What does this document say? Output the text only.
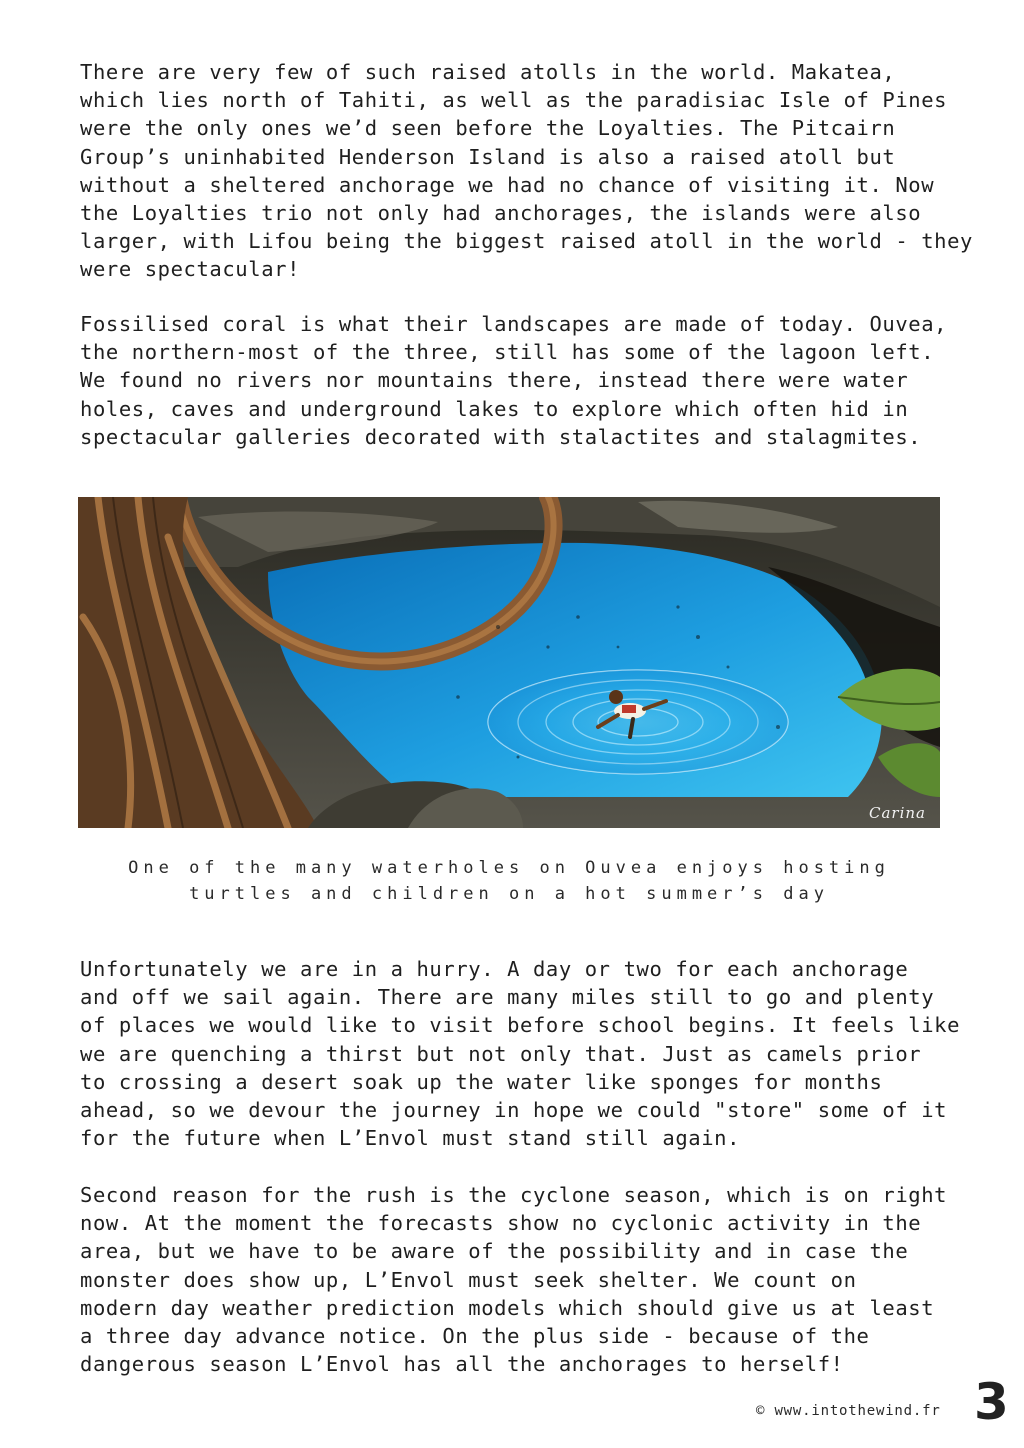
There are very few of such raised atolls in the world. Makatea,
which lies north of Tahiti, as well as the paradisiac Isle of Pines
were the only ones we’d seen before the Loyalties. The Pitcairn
Group’s uninhabited Henderson Island is also a raised atoll but
without a sheltered anchorage we had no chance of visiting it. Now
the Loyalties trio not only had anchorages, the islands were also
larger, with Lifou being the biggest raised atoll in the world - they
were spectacular!

Fossilised coral is what their landscapes are made of today. Ouvea,
the northern-most of the three, still has some of the lagoon left.
We found no rivers nor mountains there, instead there were water
holes, caves and underground lakes to explore which often hid in
spectacular galleries decorated with stalactites and stalagmites.

Carina
One of the many waterholes on Ouvea enjoys hosting
turtles and children on a hot summer’s day

Unfortunately we are in a hurry. A day or two for each anchorage
and off we sail again. There are many miles still to go and plenty
of places we would like to visit before school begins. It feels like
we are quenching a thirst but not only that. Just as camels prior
to crossing a desert soak up the water like sponges for months
ahead, so we devour the journey in hope we could "store" some of it
for the future when L’Envol must stand still again.

Second reason for the rush is the cyclone season, which is on right
now. At the moment the forecasts show no cyclonic activity in the
area, but we have to be aware of the possibility and in case the
monster does show up, L’Envol must seek shelter. We count on
modern day weather prediction models which should give us at least
a three day advance notice. On the plus side - because of the
dangerous season L’Envol has all the anchorages to herself!

© www.intothewind.fr 3
